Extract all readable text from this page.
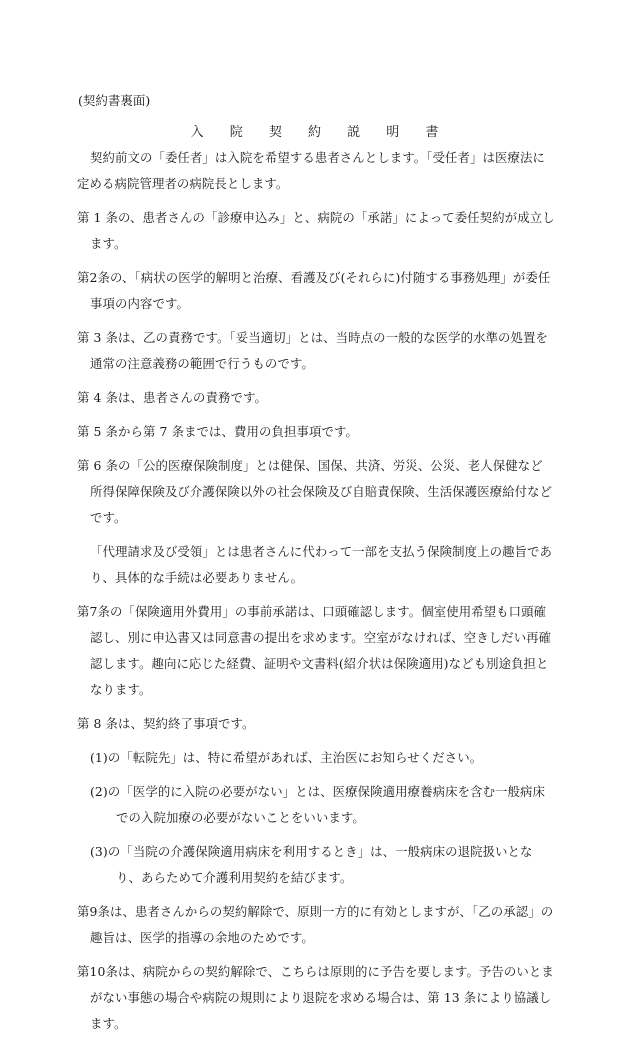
(契約書裏面)
入 院 契 約 説 明 書

契約前文の「委任者」は入院を希望する患者さんとします。「受任者」は医療法に定める病院管理者の病院長とします。

第 1 条の、患者さんの「診療申込み」と、病院の「承諾」によって委任契約が成立します。

第2条の、「病状の医学的解明と治療、看護及び(それらに)付随する事務処理」が委任事項の内容です。

第 3 条は、乙の責務です。「妥当適切」とは、当時点の一般的な医学的水準の処置を通常の注意義務の範囲で行うものです。

第 4 条は、患者さんの責務です。

第 5 条から第 7 条までは、費用の負担事項です。

第 6 条の「公的医療保険制度」とは健保、国保、共済、労災、公災、老人保健など所得保障保険及び介護保険以外の社会保険及び自賠責保険、生活保護医療給付などです。

「代理請求及び受領」とは患者さんに代わって一部を支払う保険制度上の趣旨であり、具体的な手続は必要ありません。

第7条の「保険適用外費用」の事前承諾は、口頭確認します。個室使用希望も口頭確認し、別に申込書又は同意書の提出を求めます。空室がなければ、空きしだい再確認します。趣向に応じた経費、証明や文書料(紹介状は保険適用)なども別途負担となります。

第 8 条は、契約終了事項です。

(1)の「転院先」は、特に希望があれば、主治医にお知らせください。

(2)の「医学的に入院の必要がない」とは、医療保険適用療養病床を含む一般病床での入院加療の必要がないことをいいます。

(3)の「当院の介護保険適用病床を利用するとき」は、一般病床の退院扱いとなり、あらためて介護利用契約を結びます。

第9条は、患者さんからの契約解除で、原則一方的に有効としますが、「乙の承認」の趣旨は、医学的指導の余地のためです。

第10条は、病院からの契約解除で、こちらは原則的に予告を要します。予告のいとまがない事態の場合や病院の規則により退院を求める場合は、第 13 条により協議します。
